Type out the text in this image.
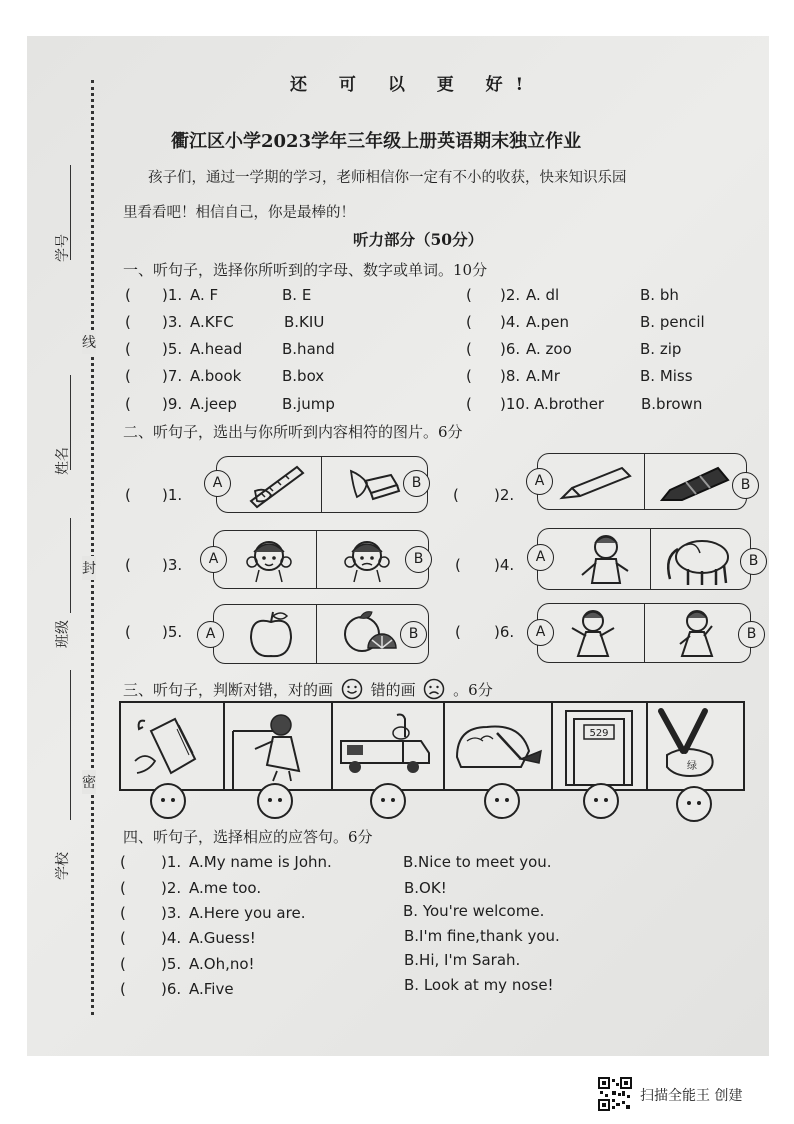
学号
姓名
班级
学校
线
封
密
还 可 以 更 好!
衢江区小学2023学年三年级上册英语期末独立作业
孩子们，通过一学期的学习，老师相信你一定有不小的收获，快来知识乐园
里看看吧！相信自己，你是最棒的！
听力部分（50分）
一、听句子，选择你所听到的字母、数字或单词。10分
( )1. A. F	B. E
( )3. A.KFC	B.KIU
( )5. A.head	B.hand
( )7. A.book	B.box
( )9. A.jeep	B.jump
( )2. A. dl	B. bh
( )4. A.pen	B. pencil
( )6. A. zoo	B. zip
( )8. A.Mr	B. Miss
( )10. A.brother B.brown
二、听句子，选出与你所听到内容相符的图片。6分
( )1.
A	B
( )2.
A	B
( )3.	A	B	( )4.	A	B
( )5.	A	B	( )6.	A	B
三、听句子，判断对错，对的画	错的画	。6分
529
绿
四、听句子，选择相应的应答句。6分
( )1. A.My name is John.	B.Nice to meet you.
( )2. A.me too.	B.OK!
( )3. A.Here you are.	B. You're welcome.
( )4. A.Guess!	B.I'm fine,thank you.
( )5. A.Oh,no!	B.Hi, I'm Sarah.
( )6. A.Five	B. Look at my nose!
扫描全能王 创建
